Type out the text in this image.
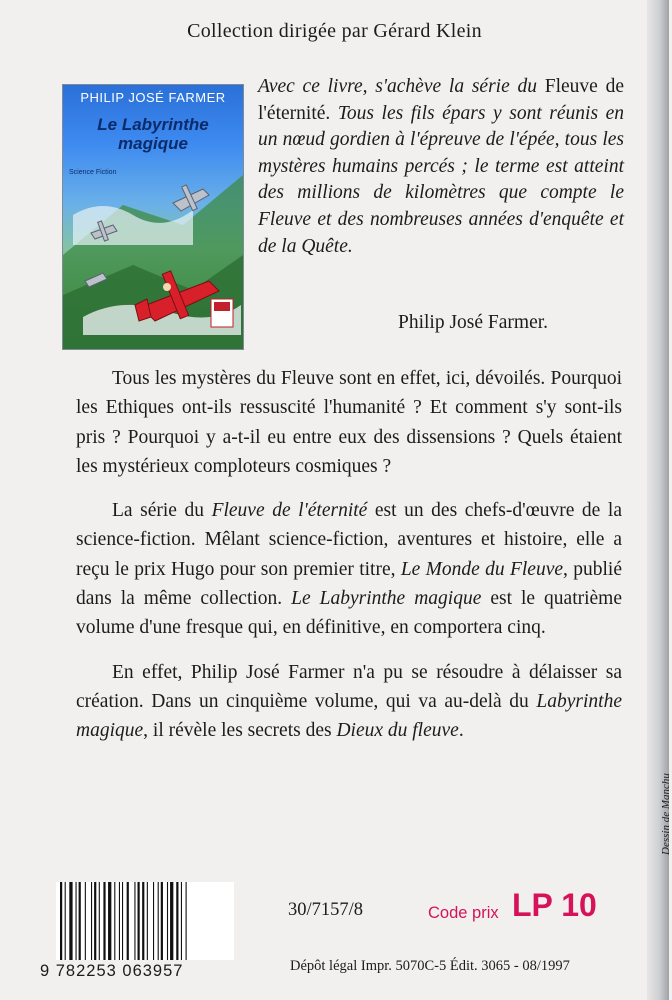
Collection dirigée par Gérard Klein
PHILIP JOSÉ FARMER
Le Labyrinthe
magique
Science Fiction
Avec ce livre, s'achève la série du Fleuve de l'éternité. Tous les fils épars y sont réunis en un nœud gordien à l'épreuve de l'épée, tous les mystères humains percés ; le terme est atteint des millions de kilomètres que compte le Fleuve et des nombreuses années d'enquête et de la Quête.
Philip José Farmer.

Tous les mystères du Fleuve sont en effet, ici, dévoilés. Pourquoi les Ethiques ont-ils ressuscité l'humanité ? Et comment s'y sont-ils pris ? Pourquoi y a-t-il eu entre eux des dissensions ? Quels étaient les mystérieux comploteurs cosmiques ?

La série du Fleuve de l'éternité est un des chefs-d'œuvre de la science-fiction. Mêlant science-fiction, aventures et histoire, elle a reçu le prix Hugo pour son premier titre, Le Monde du Fleuve, publié dans la même collection. Le Labyrinthe magique est le quatrième volume d'une fresque qui, en définitive, en comportera cinq.

En effet, Philip José Farmer n'a pu se résoudre à délaisser sa création. Dans un cinquième volume, qui va au-delà du Labyrinthe magique, il révèle les secrets des Dieux du fleuve.

9 782253 063957
30/7157/8	Code prix LP 10
Dépôt légal Impr. 5070C-5 Édit. 3065 - 08/1997
Dessin de Manchu
